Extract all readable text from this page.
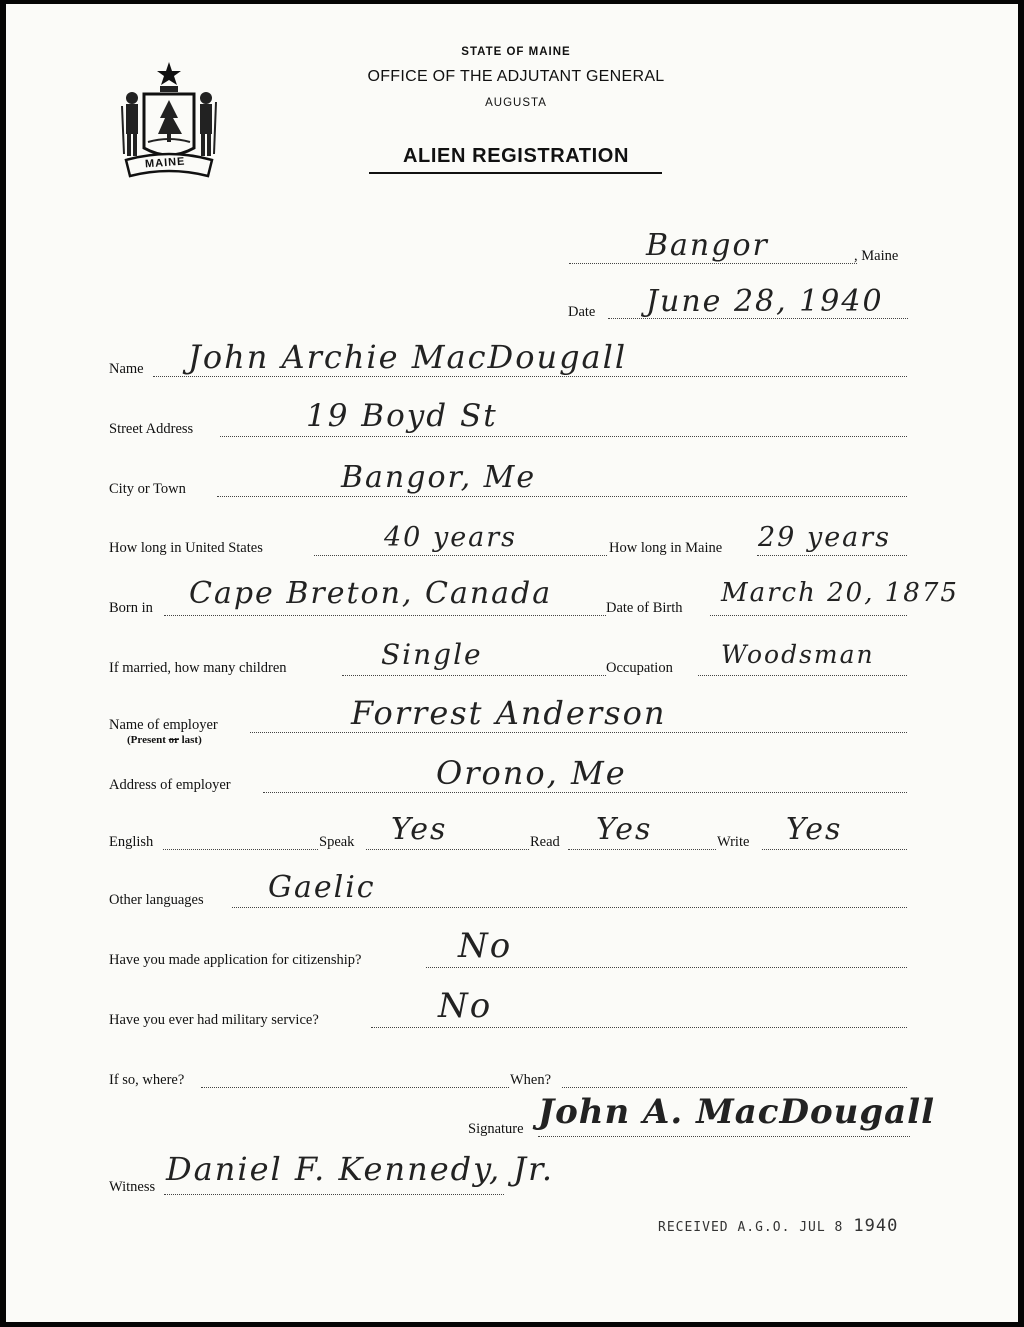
MAINE
STATE OF MAINE
OFFICE OF THE ADJUTANT GENERAL
AUGUSTA
ALIEN REGISTRATION
Bangor	, Maine
Date June 28, 1940
Name John Archie MacDougall
Street Address	19 Boyd St
City or Town	Bangor, Me
How long in United States	40 years	How long in Maine 29 years
Born in Cape Breton, Canada	Date of Birth March 20, 1875
If married, how many children	Single	Occupation Woodsman
Name of employer
(Present or last)
Forrest Anderson
Address of employer	Orono, Me
English	Speak Yes	Read Yes	Write Yes
Other languages Gaelic
Have you made application for citizenship?	No
Have you ever had military service?	No
If so, where?	When?
Signature John A. MacDougall
Witness Daniel F. Kennedy, Jr.
RECEIVED A.G.O. JUL 8 1940
